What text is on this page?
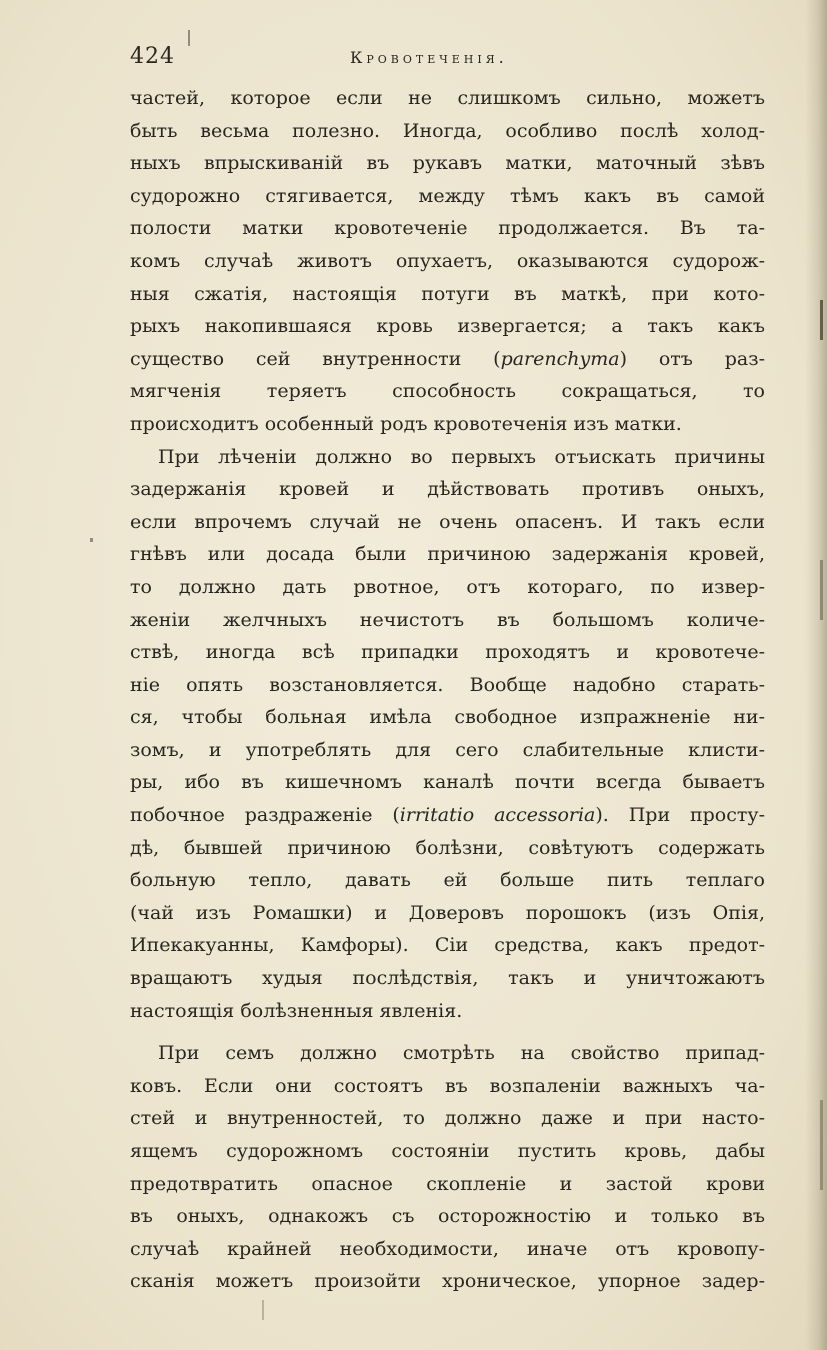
424	Кровотеченія.
частей, которое если не слишкомъ сильно, можетъ
быть весьма полезно. Иногда, особливо послѣ холод-
ныхъ впрыскиваній въ рукавъ матки, маточный зѣвъ
судорожно стягивается, между тѣмъ какъ въ самой
полости матки кровотеченіе продолжается. Въ та-
комъ случаѣ животъ опухаетъ, оказываются судорож-
ныя сжатія, настоящія потуги въ маткѣ, при кото-
рыхъ накопившаяся кровь извергается; а такъ какъ
существо сей внутренности (parenchyma) отъ раз-
мягченія теряетъ способность сокращаться, то
происходитъ особенный родъ кровотеченія изъ матки.
При лѣченіи должно во первыхъ отъискать причины
задержанія кровей и дѣйствовать противъ оныхъ,
если впрочемъ случай не очень опасенъ. И такъ если
гнѣвъ или досада были причиною задержанія кровей,
то должно дать рвотное, отъ котораго, по извер-
женіи желчныхъ нечистотъ въ большомъ количе-
ствѣ, иногда всѣ припадки проходятъ и кровотече-
ніе опять возстановляется. Вообще надобно старать-
ся, чтобы больная имѣла свободное изпражненіе ни-
зомъ, и употреблять для сего слабительные клисти-
ры, ибо въ кишечномъ каналѣ почти всегда бываетъ
побочное раздраженіе (irritatio accessoria). При просту-
дѣ, бывшей причиною болѣзни, совѣтуютъ содержать
больную тепло, давать ей больше пить теплаго
(чай изъ Ромашки) и Доверовъ порошокъ (изъ Опія,
Ипекакуанны, Камфоры). Сіи средства, какъ предот-
вращаютъ худыя послѣдствія, такъ и уничтожаютъ
настоящія болѣзненныя явленія.
При семъ должно смотрѣть на свойство припад-
ковъ. Если они состоятъ въ возпаленіи важныхъ ча-
стей и внутренностей, то должно даже и при насто-
ящемъ судорожномъ состояніи пустить кровь, дабы
предотвратить опасное скопленіе и застой крови
въ оныхъ, однакожъ съ осторожностію и только въ
случаѣ крайней необходимости, иначе отъ кровопу-
сканія можетъ произойти хроническое, упорное задер-
